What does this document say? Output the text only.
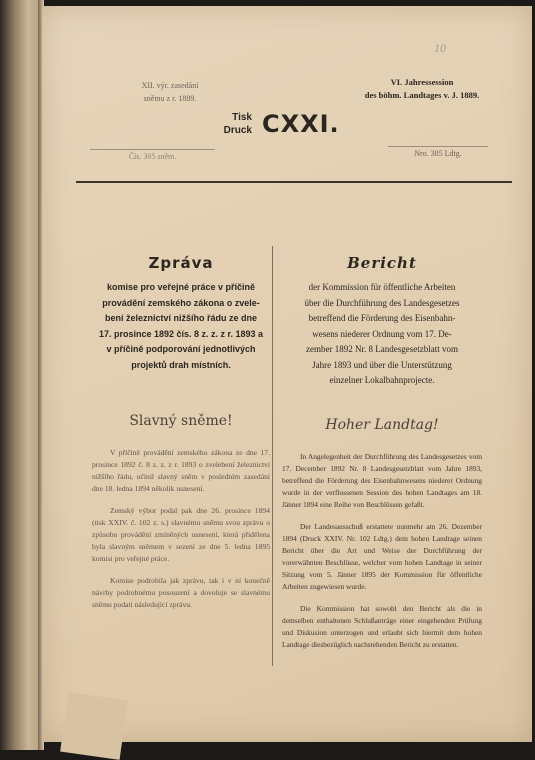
10
XII. výr. zasedání
sněmu z r. 1889.
VI. Jahressession
des böhm. Landtages v. J. 1889.
Tisk
Druck CXXI.
Čís. 305 sněm.	Nro. 305 Ldtg.
Zpráva
komise pro veřejné práce v příčině
provádění zemského zákona o zvele-
bení železnictví nižšího řádu ze dne
17. prosince 1892 čís. 8 z. z. z r. 1893 a
v příčině podporování jednotlivých
projektů drah místních.
Slavný sněme!

V příčině provádění zemského zákona ze dne 17. prosince 1892 č. 8 z. z. z r. 1893 o zvelebení železnictví nižšího řádu, učinil slavný sněm v posledním zasedání dne 18. ledna 1894 několik usnesení.

Zemský výbor podal pak dne 26. prosince 1894 (tisk XXIV. č. 102 z. s.) slavnému sněmu svou zprávu o způsobu provádění zmíněných usnesení, která přidělena byla slavným sněmem v sezení ze dne 5. ledna 1895 komisi pro veřejné práce.

Komise podrobila jak zprávu, tak i v ní konečně návrhy podrobnému posouzení a dovoluje se slavnému sněmu podati následující zprávu.

Bericht
der Kommission für öffentliche Arbeiten
über die Durchführung des Landesgesetzes
betreffend die Förderung des Eisenbahn-
wesens niederer Ordnung vom 17. De-
zember 1892 Nr. 8 Landesgesetzblatt vom
Jahre 1893 und über die Unterstützung
einzelner Lokalbahnprojecte.
Hoher Landtag!

In Angelegenheit der Durchführung des Landesgesetzes vom 17. December 1892 Nr. 8 Landesgesetzblatt vom Jahre 1893, betreffend die Förderung des Eisenbahnwesens niederer Ordnung wurde in der verflossenen Session des hohen Landtages am 18. Jänner 1894 eine Reihe von Beschlüssen gefaßt.

Der Landesausschuß erstattete nunmehr am 26. Dezember 1894 (Druck XXIV. Nr. 102 Ldtg.) dem hohen Landtage seinen Bericht über die Art und Weise der Durchführung der vorerwähnten Beschlüsse, welcher vom hohen Landtage in seiner Sitzung vom 5. Jänner 1895 der Kommission für öffentliche Arbeiten zugewiesen wurde.

Die Kommission hat sowohl den Bericht als die in demselben enthaltenen Schlußanträge einer eingehenden Prüfung und Diskusion unterzogen und erlaubt sich hiermit dem hohen Landtage diesbezüglich nachstehenden Bericht zu erstatten.
